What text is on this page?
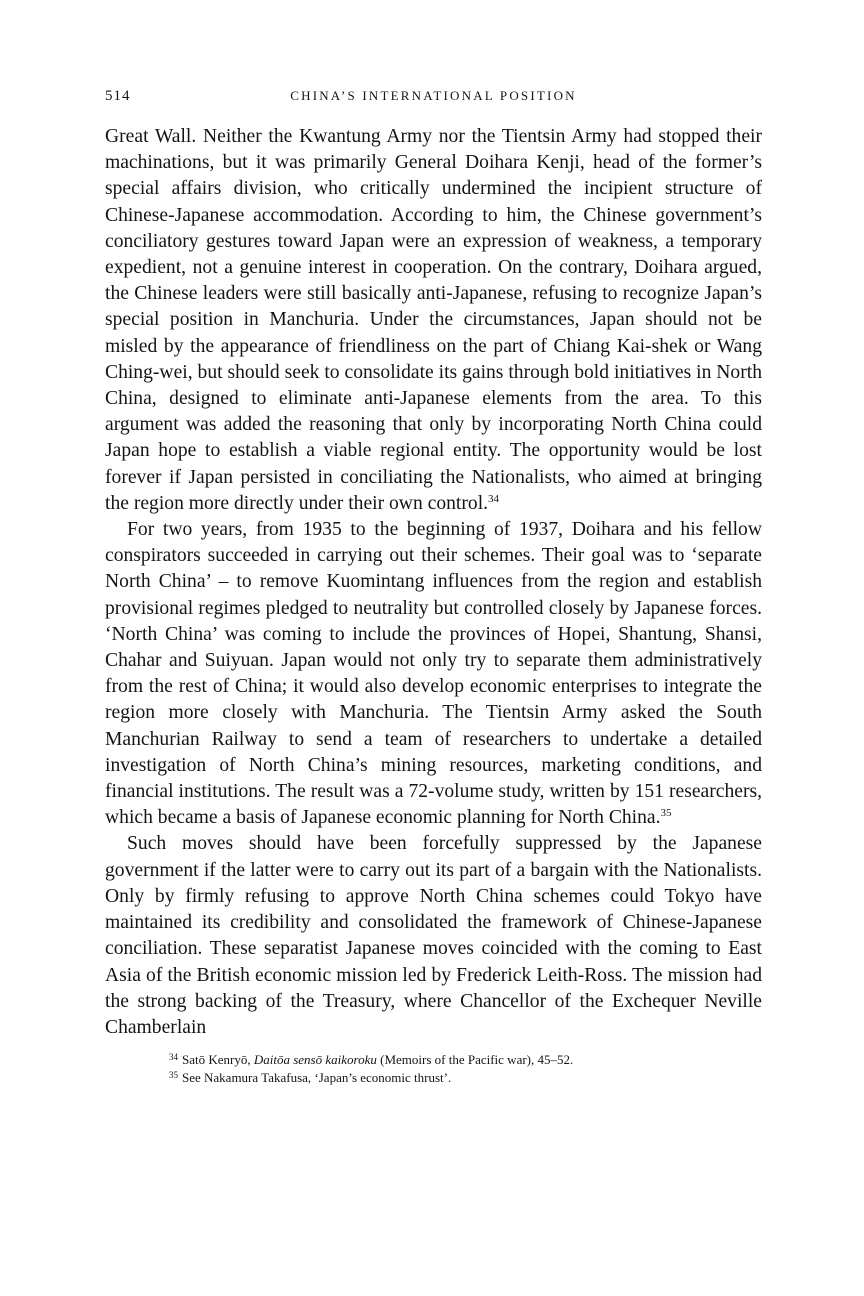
514	CHINA’S INTERNATIONAL POSITION

Great Wall. Neither the Kwantung Army nor the Tientsin Army had stopped their machinations, but it was primarily General Doihara Kenji, head of the former’s special affairs division, who critically undermined the incipient structure of Chinese-Japanese accommodation. According to him, the Chinese government’s conciliatory gestures toward Japan were an expression of weakness, a temporary expedient, not a genuine interest in cooperation. On the contrary, Doihara argued, the Chinese leaders were still basically anti-Japanese, refusing to recognize Japan’s special position in Manchuria. Under the circumstances, Japan should not be misled by the appearance of friendliness on the part of Chiang Kai-shek or Wang Ching-wei, but should seek to consolidate its gains through bold initiatives in North China, designed to eliminate anti-Japanese elements from the area. To this argument was added the reasoning that only by incorporating North China could Japan hope to establish a viable regional entity. The opportunity would be lost forever if Japan persisted in conciliating the Nationalists, who aimed at bringing the region more directly under their own control.$^{34}$

For two years, from 1935 to the beginning of 1937, Doihara and his fellow conspirators succeeded in carrying out their schemes. Their goal was to ‘separate North China’ – to remove Kuomintang influences from the region and establish provisional regimes pledged to neutrality but controlled closely by Japanese forces. ‘North China’ was coming to include the provinces of Hopei, Shantung, Shansi, Chahar and Suiyuan. Japan would not only try to separate them administratively from the rest of China; it would also develop economic enterprises to integrate the region more closely with Manchuria. The Tientsin Army asked the South Manchurian Railway to send a team of researchers to undertake a detailed investigation of North China’s mining resources, marketing conditions, and financial institutions. The result was a 72-volume study, written by 151 researchers, which became a basis of Japanese economic planning for North China.$^{35}$

Such moves should have been forcefully suppressed by the Japanese government if the latter were to carry out its part of a bargain with the Nationalists. Only by firmly refusing to approve North China schemes could Tokyo have maintained its credibility and consolidated the framework of Chinese-Japanese conciliation. These separatist Japanese moves coincided with the coming to East Asia of the British economic mission led by Frederick Leith-Ross. The mission had the strong backing of the Treasury, where Chancellor of the Exchequer Neville Chamberlain

$^{34}$ Satō Kenryō, Daitōa sensō kaikoroku (Memoirs of the Pacific war), 45–52.

$^{35}$ See Nakamura Takafusa, ‘Japan’s economic thrust’.
